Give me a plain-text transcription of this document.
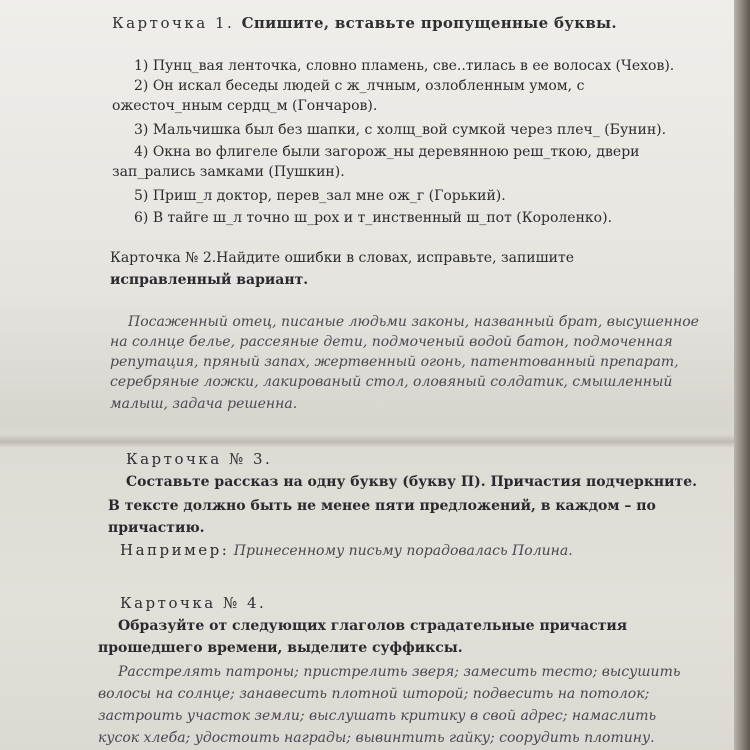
Карточка 1. Спишите, вставьте пропущенные буквы.
1) Пунц_вая ленточка, словно пламень, све..тилась в ее волосах (Чехов).
2) Он искал беседы людей с ж_лчным, озлобленным умом, с
ожесточ_нным сердц_м (Гончаров).
3) Мальчишка был без шапки, с холщ_вой сумкой через плеч_ (Бунин).
4) Окна во флигеле были загорож_ны деревянною реш_ткою, двери
зап_рались замками (Пушкин).
5) Приш_л доктор, перев_зал мне ож_г (Горький).
6) В тайге ш_л точно ш_рох и т_инственный ш_пот (Короленко).
Карточка № 2.Найдите ошибки в словах, исправьте, запишите
исправленный вариант.
Посаженный отец, писаные людьми законы, названный брат, высушенное
на солнце белье, рассеяные дети, подмоченый водой батон, подмоченная
репутация, пряный запах, жертвенный огонь, патентованный препарат,
серебряные ложки, лакированый стол, оловяный солдатик, смышленный
малыш, задача решенна.
Карточка № 3.
Составьте рассказ на одну букву (букву П). Причастия подчеркните.
В тексте должно быть не менее пяти предложений, в каждом – по
причастию.
Например: Принесенному письму порадовалась Полина.
Карточка № 4.
Образуйте от следующих глаголов страдательные причастия
прошедшего времени, выделите суффиксы.
Расстрелять патроны; пристрелить зверя; замесить тесто; высушить
волосы на солнце; занавесить плотной шторой; подвесить на потолок;
застроить участок земли; выслушать критику в свой адрес; намаслить
кусок хлеба; удостоить награды; вывинтить гайку; соорудить плотину.
